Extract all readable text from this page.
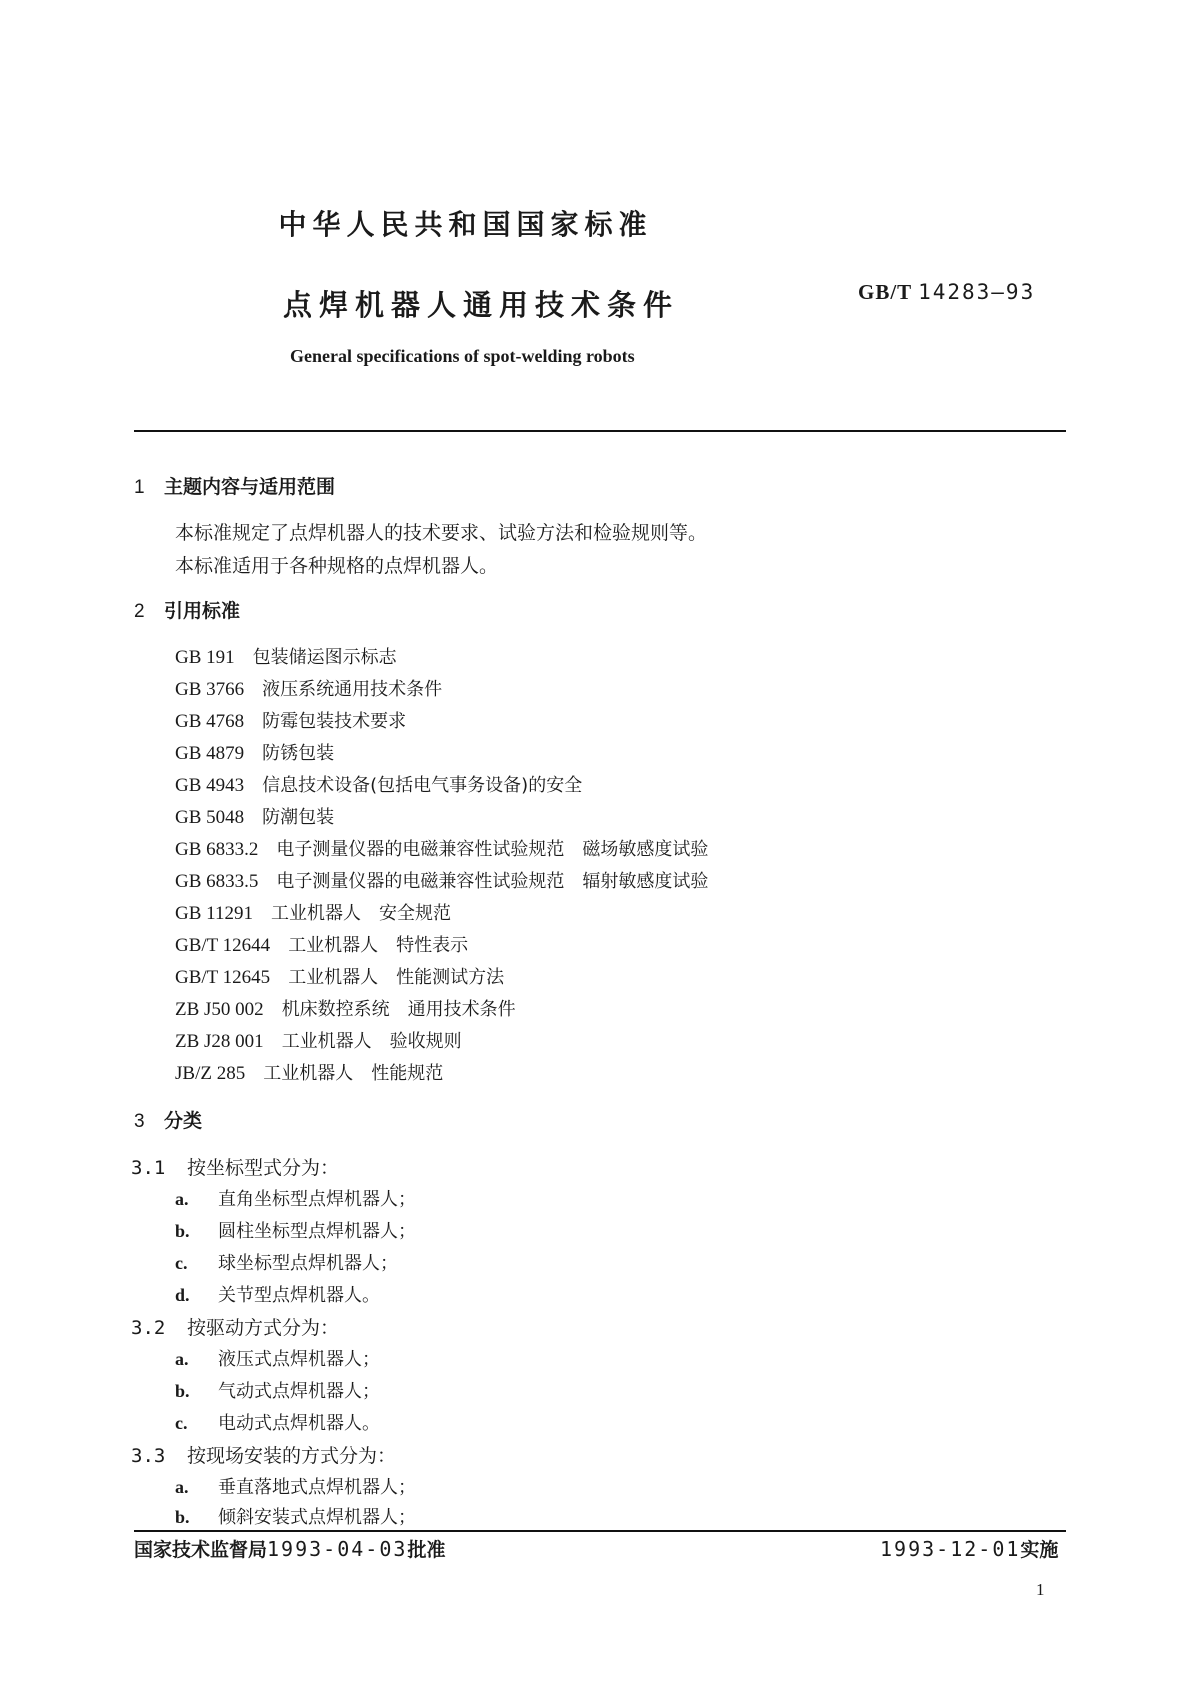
中华人民共和国国家标准
点焊机器人通用技术条件	GB/T 14283—93
General specifications of spot-welding robots
1 主题内容与适用范围
本标准规定了点焊机器人的技术要求、试验方法和检验规则等。
本标准适用于各种规格的点焊机器人。
2 引用标准
GB 191　 包装储运图示标志
GB 3766　 液压系统通用技术条件
GB 4768　 防霉包装技术要求
GB 4879　 防锈包装
GB 4943　 信息技术设备(包括电气事务设备)的安全
GB 5048　 防潮包装
GB 6833.2　 电子测量仪器的电磁兼容性试验规范　磁场敏感度试验
GB 6833.5　 电子测量仪器的电磁兼容性试验规范　辐射敏感度试验
GB 11291　 工业机器人　安全规范
GB/T 12644　 工业机器人　特性表示
GB/T 12645　 工业机器人　性能测试方法
ZB J50 002　 机床数控系统　通用技术条件
ZB J28 001　 工业机器人　验收规则
JB/Z 285　 工业机器人　性能规范
3 分类
3.1 按坐标型式分为：
a. 直角坐标型点焊机器人；
b. 圆柱坐标型点焊机器人；
c. 球坐标型点焊机器人；
d. 关节型点焊机器人。
3.2 按驱动方式分为：
a. 液压式点焊机器人；
b. 气动式点焊机器人；
c. 电动式点焊机器人。
3.3 按现场安装的方式分为：
a. 垂直落地式点焊机器人；
b. 倾斜安装式点焊机器人；
国家技术监督局1993-04-03批准	1993-12-01实施
1
